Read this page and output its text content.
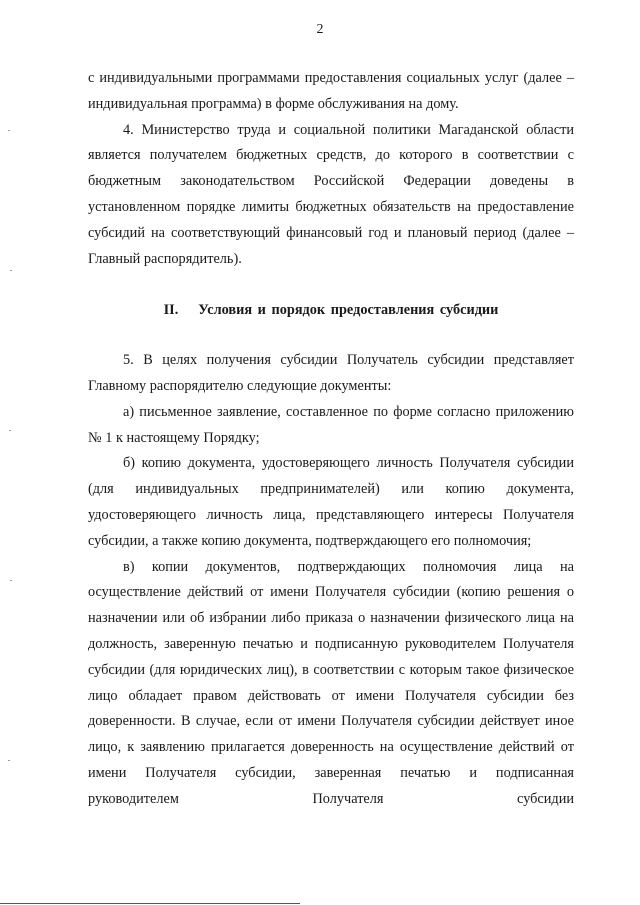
2

с индивидуальными программами предоставления социальных услуг (далее – индивидуальная программа) в форме обслуживания на дому.

4. Министерство труда и социальной политики Магаданской области является получателем бюджетных средств, до которого в соответствии с бюджетным законодательством Российской Федерации доведены в установленном порядке лимиты бюджетных обязательств на предоставление субсидий на соответствующий финансовый год и плановый период (далее – Главный распорядитель).

II. Условия и порядок предоставления субсидии

5. В целях получения субсидии Получатель субсидии представляет Главному распорядителю следующие документы:

а) письменное заявление, составленное по форме согласно приложению № 1 к настоящему Порядку;

б) копию документа, удостоверяющего личность Получателя субсидии (для индивидуальных предпринимателей) или копию документа, удостоверяющего личность лица, представляющего интересы Получателя субсидии, а также копию документа, подтверждающего его полномочия;

в) копии документов, подтверждающих полномочия лица на осуществление действий от имени Получателя субсидии (копию решения о назначении или об избрании либо приказа о назначении физического лица на должность, заверенную печатью и подписанную руководителем Получателя субсидии (для юридических лиц), в соответствии с которым такое физическое лицо обладает правом действовать от имени Получателя субсидии без доверенности. В случае, если от имени Получателя субсидии действует иное лицо, к заявлению прилагается доверенность на осуществление действий от имени Получателя субсидии, заверенная печатью и подписанная руководителем Получателя субсидии
